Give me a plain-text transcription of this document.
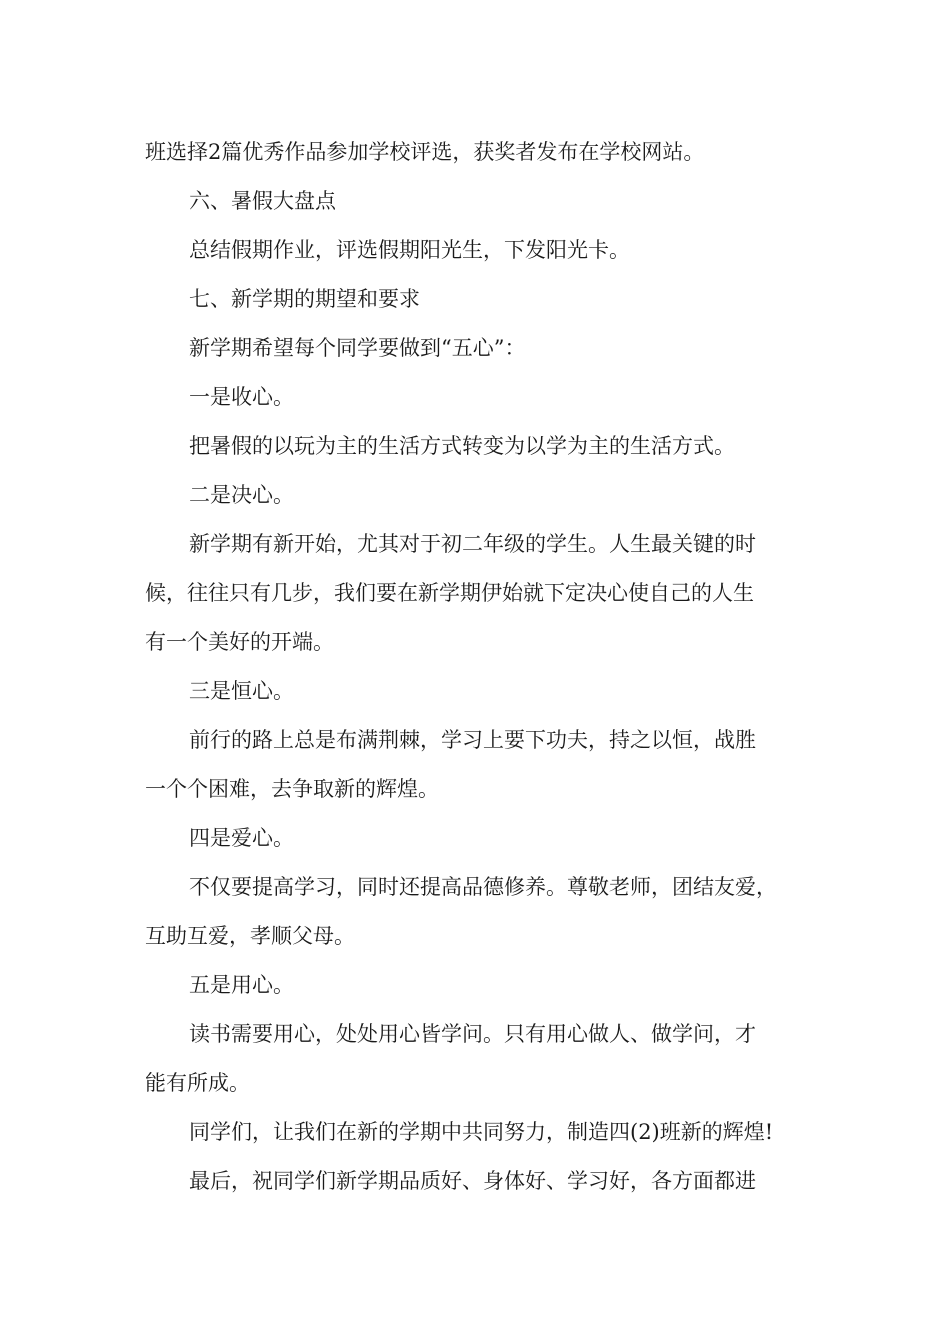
班选择2篇优秀作品参加学校评选，获奖者发布在学校网站。

六、暑假大盘点

总结假期作业，评选假期阳光生，下发阳光卡。

七、新学期的期望和要求

新学期希望每个同学要做到“五心”：

一是收心。

把暑假的以玩为主的生活方式转变为以学为主的生活方式。

二是决心。

新学期有新开始，尤其对于初二年级的学生。人生最关键的时

候，往往只有几步，我们要在新学期伊始就下定决心使自己的人生

有一个美好的开端。

三是恒心。

前行的路上总是布满荆棘，学习上要下功夫，持之以恒，战胜

一个个困难，去争取新的辉煌。

四是爱心。

不仅要提高学习，同时还提高品德修养。尊敬老师，团结友爱，

互助互爱，孝顺父母。

五是用心。

读书需要用心，处处用心皆学问。只有用心做人、做学问，才

能有所成。

同学们，让我们在新的学期中共同努力，制造四(2)班新的辉煌!

最后，祝同学们新学期品质好、身体好、学习好，各方面都进
